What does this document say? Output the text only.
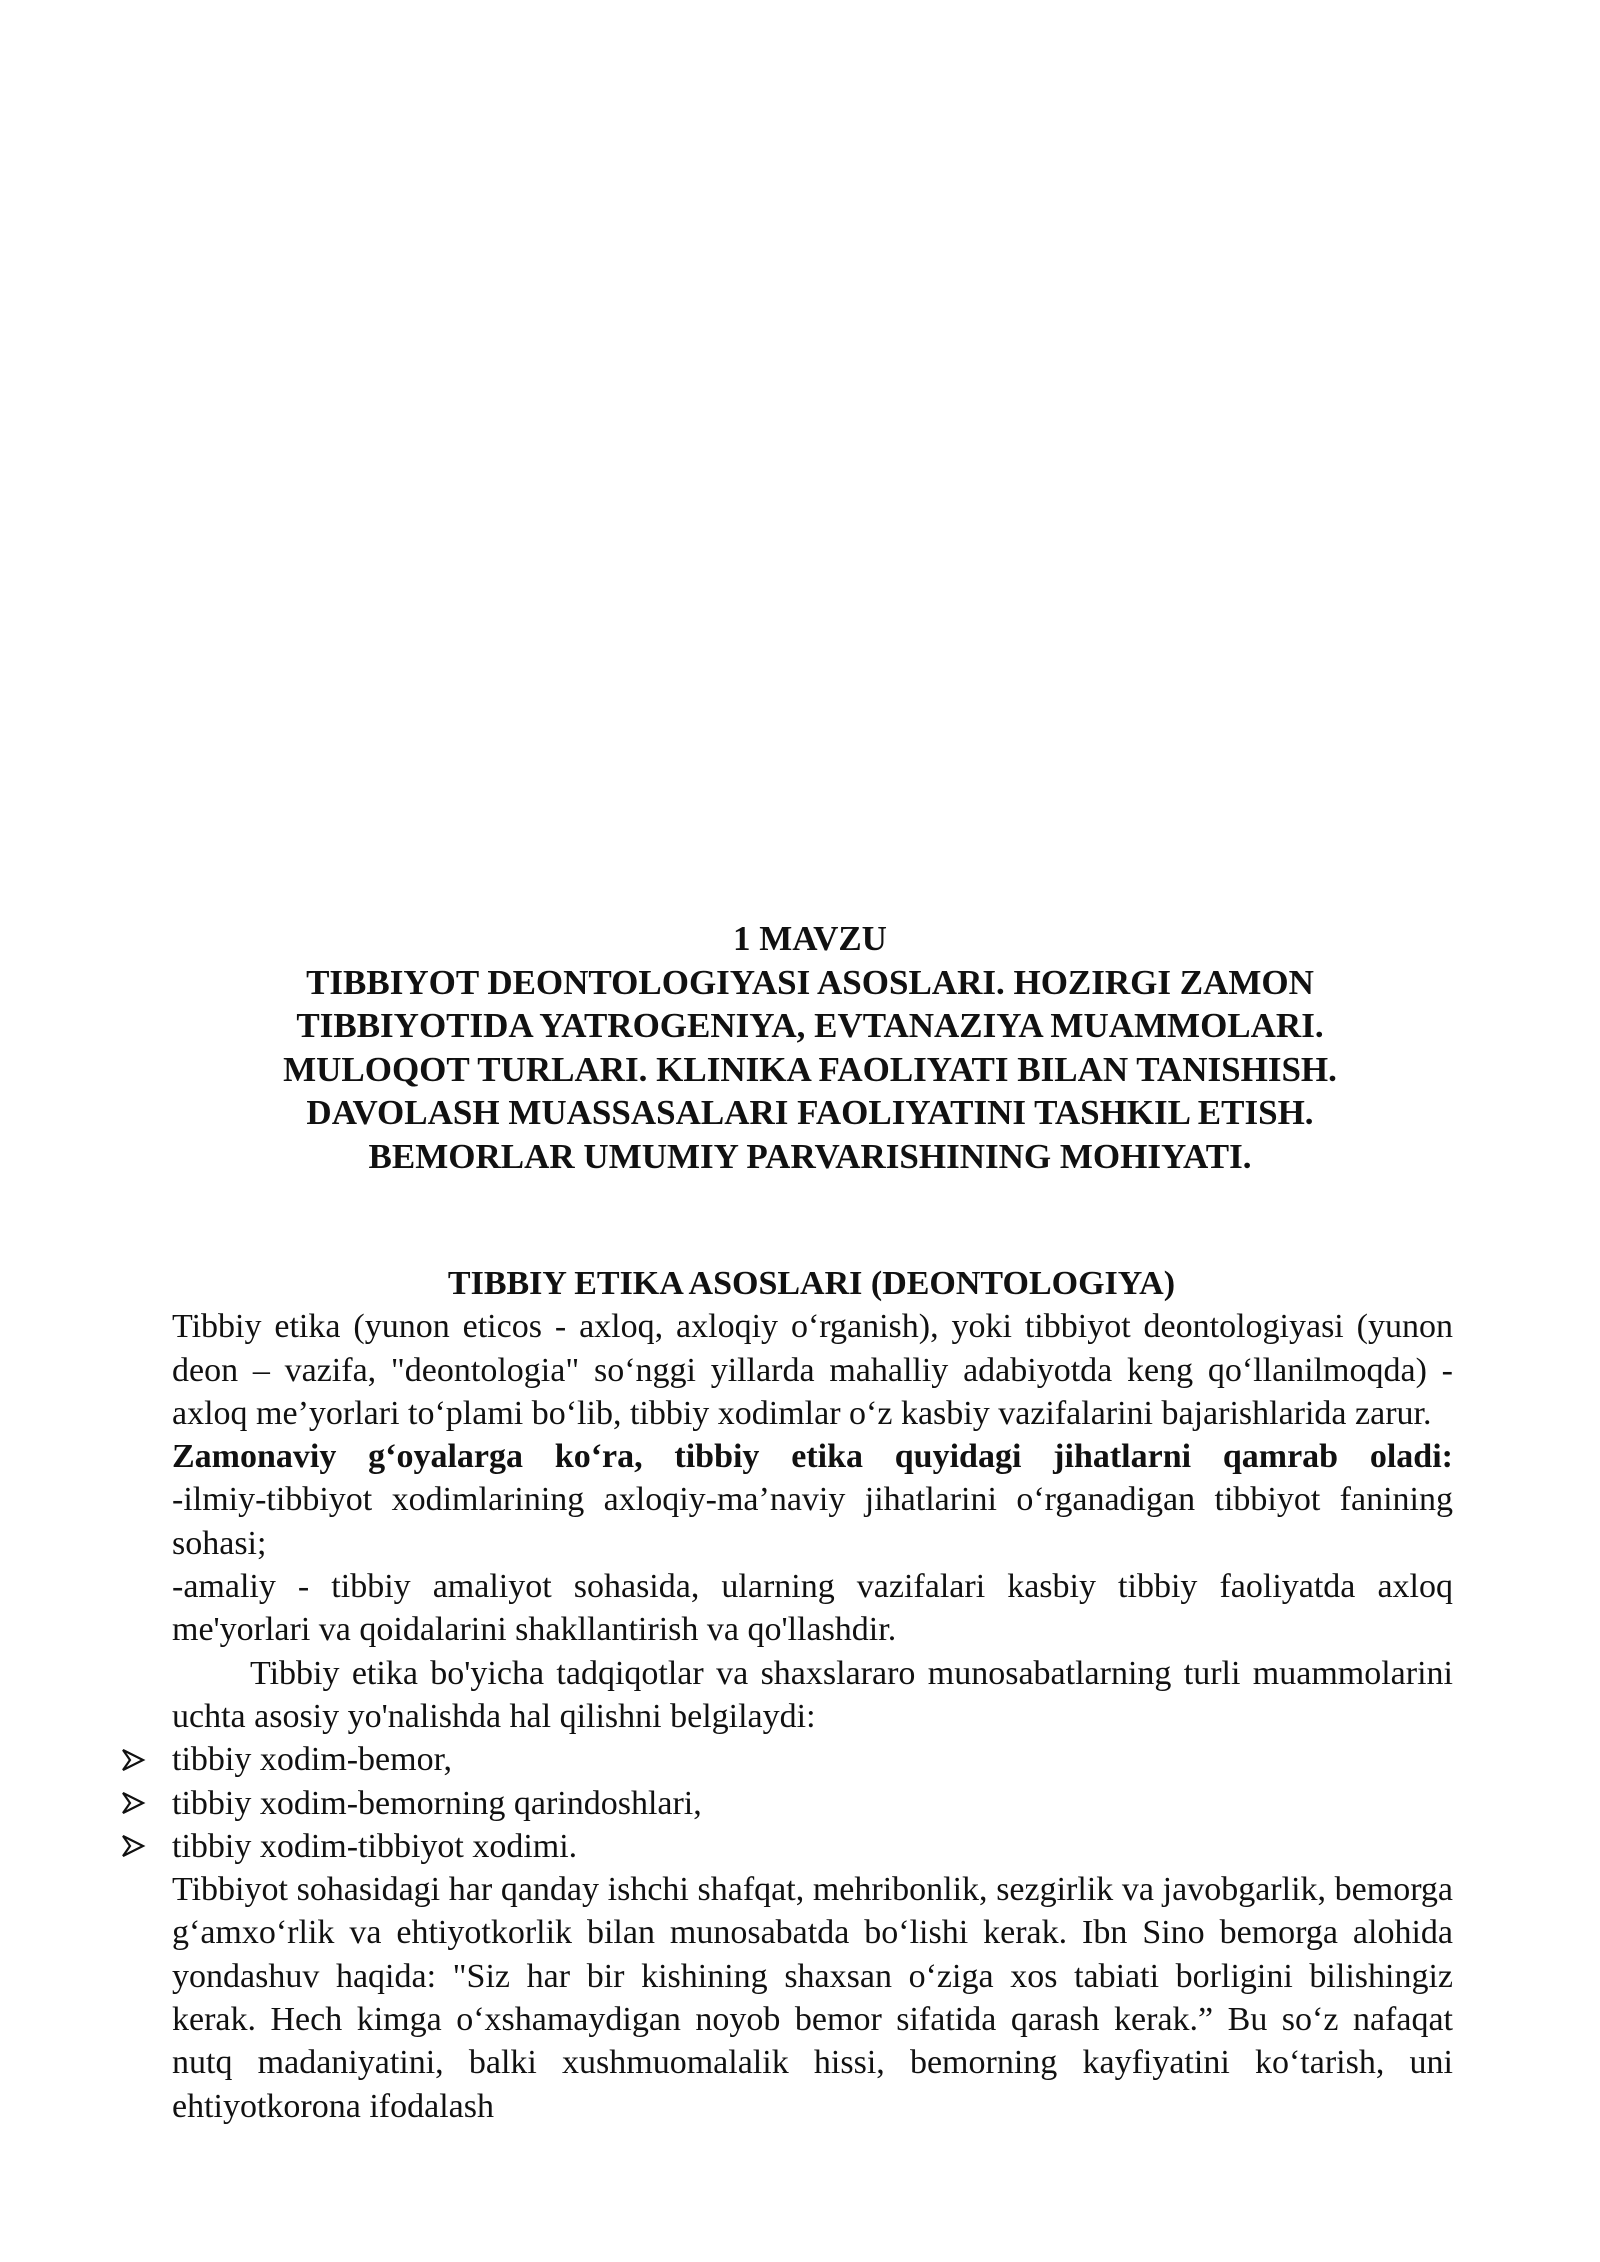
1 MAVZU
TIBBIYOT DEONTOLOGIYASI ASOSLARI. HOZIRGI ZAMON
TIBBIYOTIDA YATROGENIYA, EVTANAZIYA MUAMMOLARI.
MULOQOT TURLARI. KLINIKA FAOLIYATI BILAN TANISHISH.
DAVOLASH MUASSASALARI FAOLIYATINI TASHKIL ETISH.
BEMORLAR UMUMIY PARVARISHINING MOHIYATI.
TIBBIY ETIKA ASOSLARI (DEONTOLOGIYA)

Tibbiy etika (yunon eticos - axloq, axloqiy o‘rganish), yoki tibbiyot deontologiyasi (yunon deon – vazifa, "deontologia" so‘nggi yillarda mahalliy adabiyotda keng qo‘llanilmoqda) - axloq me’yorlari to‘plami bo‘lib, tibbiy xodimlar o‘z kasbiy vazifalarini bajarishlarida zarur.

Zamonaviy g‘oyalarga ko‘ra, tibbiy etika quyidagi jihatlarni qamrab oladi:

-ilmiy-tibbiyot xodimlarining axloqiy-ma’naviy jihatlarini o‘rganadigan tibbiyot fanining sohasi;

-amaliy - tibbiy amaliyot sohasida, ularning vazifalari kasbiy tibbiy faoliyatda axloq me'yorlari va qoidalarini shakllantirish va qo'llashdir.

Tibbiy etika bo'yicha tadqiqotlar va shaxslararo munosabatlarning turli muammolarini uchta asosiy yo'nalishda hal qilishni belgilaydi:

tibbiy xodim-bemor,
tibbiy xodim-bemorning qarindoshlari,
tibbiy xodim-tibbiyot xodimi.

Tibbiyot sohasidagi har qanday ishchi shafqat, mehribonlik, sezgirlik va javobgarlik, bemorga g‘amxo‘rlik va ehtiyotkorlik bilan munosabatda bo‘lishi kerak. Ibn Sino bemorga alohida yondashuv haqida: "Siz har bir kishining shaxsan o‘ziga xos tabiati borligini bilishingiz kerak. Hech kimga o‘xshamaydigan noyob bemor sifatida qarash kerak.” Bu so‘z nafaqat nutq madaniyatini, balki xushmuomalalik hissi, bemorning kayfiyatini ko‘tarish, uni ehtiyotkorona ifodalash
